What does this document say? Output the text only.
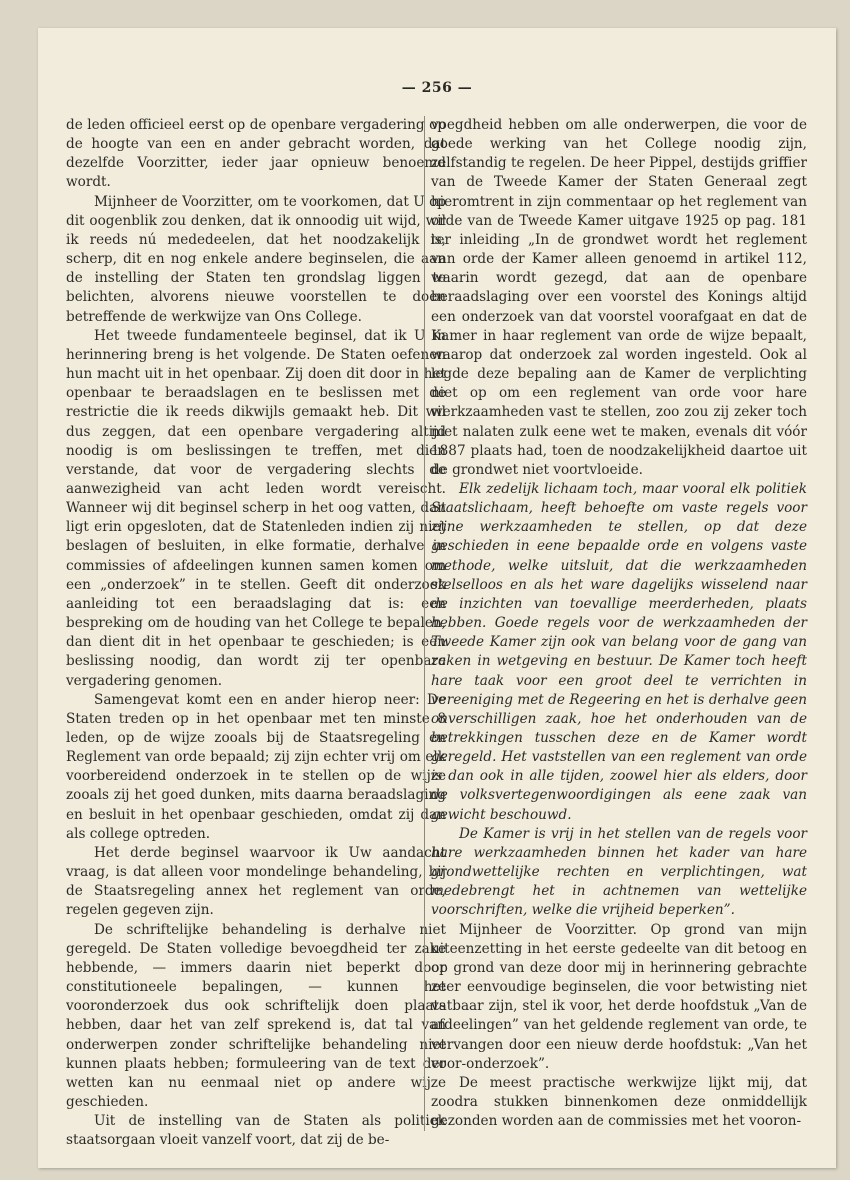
— 256 —

de leden officieel eerst op de openbare vergadering op de hoogte van een en ander gebracht worden, dat dezelfde Voorzitter, ieder jaar opnieuw benoemd wordt.

Mijnheer de Voorzitter, om te voorkomen, dat U op dit oogenblik zou denken, dat ik onnoodig uit wijd, wil ik reeds nú mededeelen, dat het noodzakelijk is, scherp, dit en nog enkele andere beginselen, die aan de instelling der Staten ten grondslag liggen te belichten, alvorens nieuwe voorstellen te doen betreffende de werkwijze van Ons College.

Het tweede fundamenteele beginsel, dat ik U in herinnering breng is het volgende. De Staten oefenen hun macht uit in het openbaar. Zij doen dit door in het openbaar te beraadslagen en te beslissen met de restrictie die ik reeds dikwijls gemaakt heb. Dit wil dus zeggen, dat een openbare vergadering altijd noodig is om beslissingen te treffen, met dien verstande, dat voor de vergadering slechts de aanwezigheid van acht leden wordt vereischt. Wanneer wij dit beginsel scherp in het oog vatten, dan ligt erin opgesloten, dat de Statenleden indien zij niet beslagen of besluiten, in elke formatie, derhalve in commissies of afdeelingen kunnen samen komen om een „onderzoek” in te stellen. Geeft dit onderzoek aanleiding tot een beraadslaging dat is: een bespreking om de houding van het College te bepalen, dan dient dit in het openbaar te geschieden; is een beslissing noodig, dan wordt zij ter openbare vergadering genomen.

Samengevat komt een en ander hierop neer: De Staten treden op in het openbaar met ten minste 8 leden, op de wijze zooals bij de Staatsregeling en Reglement van orde bepaald; zij zijn echter vrij om elk voorbereidend onderzoek in te stellen op de wijze zooals zij het goed dunken, mits daarna beraadslaging en besluit in het openbaar geschieden, omdat zij dan als college optreden.

Het derde beginsel waarvoor ik Uw aandacht vraag, is dat alleen voor mondelinge behandeling, bij de Staatsregeling annex het reglement van orde, regelen gegeven zijn.

De schriftelijke behandeling is derhalve niet geregeld. De Staten volledige bevoegdheid ter zake hebbende, — immers daarin niet beperkt door constitutioneele bepalingen, — kunnen het vooronderzoek dus ook schriftelijk doen plaats hebben, daar het van zelf sprekend is, dat tal van onderwerpen zonder schriftelijke behandeling niet kunnen plaats hebben; formuleering van de text der wetten kan nu eenmaal niet op andere wijze geschieden.

Uit de instelling van de Staten als politiek staatsorgaan vloeit vanzelf voort, dat zij de be-

voegdheid hebben om alle onderwerpen, die voor de goede werking van het College noodig zijn, zelfstandig te regelen. De heer Pippel, destijds griffier van de Tweede Kamer der Staten Generaal zegt hieromtrent in zijn commentaar op het reglement van orde van de Tweede Kamer uitgave 1925 op pag. 181 ter inleiding „In de grondwet wordt het reglement van orde der Kamer alleen genoemd in artikel 112, waarin wordt gezegd, dat aan de openbare beraadslaging over een voorstel des Konings altijd een onderzoek van dat voorstel voorafgaat en dat de Kamer in haar reglement van orde de wijze bepaalt, waarop dat onderzoek zal worden ingesteld. Ook al legde deze bepaling aan de Kamer de verplichting niet op om een reglement van orde voor hare werkzaamheden vast te stellen, zoo zou zij zeker toch niet nalaten zulk eene wet te maken, evenals dit vóór 1887 plaats had, toen de noodzakelijkheid daartoe uit de grondwet niet voortvloeide.

Elk zedelijk lichaam toch, maar vooral elk politiek Staatslichaam, heeft behoefte om vaste regels voor zijne werkzaamheden te stellen, op dat deze geschieden in eene bepaalde orde en volgens vaste methode, welke uitsluit, dat die werkzaamheden stelselloos en als het ware dagelijks wisselend naar de inzichten van toevallige meerderheden, plaats hebben. Goede regels voor de werkzaamheden der Tweede Kamer zijn ook van belang voor de gang van zaken in wetgeving en bestuur. De Kamer toch heeft hare taak voor een groot deel te verrichten in vereeniging met de Regeering en het is derhalve geen onverschilligen zaak, hoe het onderhouden van de betrekkingen tusschen deze en de Kamer wordt geregeld. Het vaststellen van een reglement van orde is dan ook in alle tijden, zoowel hier als elders, door de volksvertegenwoordigingen als eene zaak van gewicht beschouwd.

De Kamer is vrij in het stellen van de regels voor hare werkzaamheden binnen het kader van hare grondwettelijke rechten en verplichtingen, wat medebrengt het in achtnemen van wettelijke voorschriften, welke die vrijheid beperken”.

Mijnheer de Voorzitter. Op grond van mijn uiteenzetting in het eerste gedeelte van dit betoog en op grond van deze door mij in herinnering gebrachte zeer eenvoudige beginselen, die voor betwisting niet vatbaar zijn, stel ik voor, het derde hoofdstuk „Van de afdeelingen” van het geldende reglement van orde, te vervangen door een nieuw derde hoofdstuk: „Van het voor-onderzoek”.

De meest practische werkwijze lijkt mij, dat zoodra stukken binnenkomen deze onmiddellijk gezonden worden aan de commissies met het vooron-
